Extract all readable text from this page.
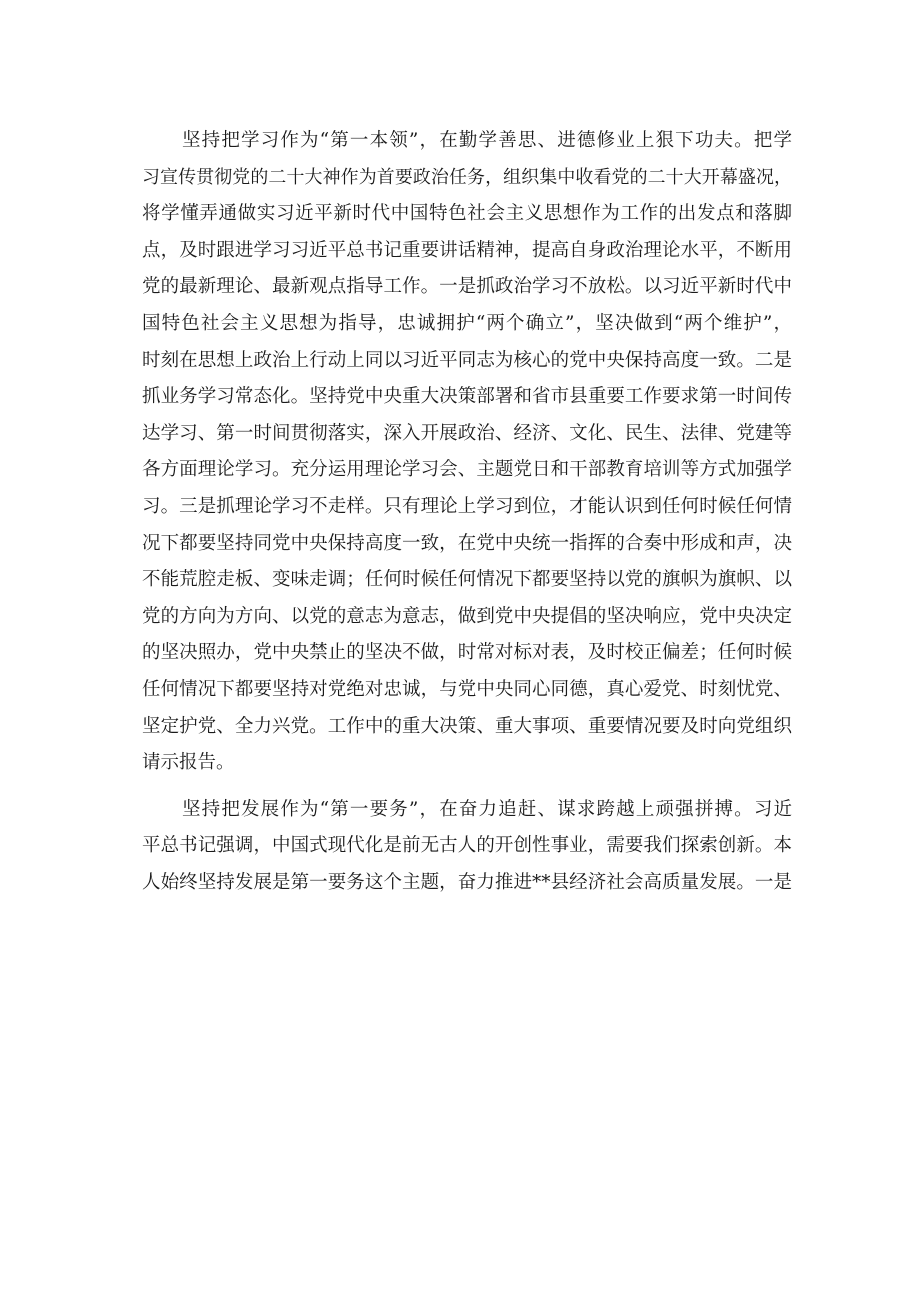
坚持把学习作为“第一本领”，在勤学善思、进德修业上狠下功夫。把学
习宣传贯彻党的二十大神作为首要政治任务，组织集中收看党的二十大开幕盛况，
将学懂弄通做实习近平新时代中国特色社会主义思想作为工作的出发点和落脚
点，及时跟进学习习近平总书记重要讲话精神，提高自身政治理论水平，不断用
党的最新理论、最新观点指导工作。一是抓政治学习不放松。以习近平新时代中
国特色社会主义思想为指导，忠诚拥护“两个确立”，坚决做到“两个维护”，
时刻在思想上政治上行动上同以习近平同志为核心的党中央保持高度一致。二是
抓业务学习常态化。坚持党中央重大决策部署和省市县重要工作要求第一时间传
达学习、第一时间贯彻落实，深入开展政治、经济、文化、民生、法律、党建等
各方面理论学习。充分运用理论学习会、主题党日和干部教育培训等方式加强学
习。三是抓理论学习不走样。只有理论上学习到位，才能认识到任何时候任何情
况下都要坚持同党中央保持高度一致，在党中央统一指挥的合奏中形成和声，决
不能荒腔走板、变味走调；任何时候任何情况下都要坚持以党的旗帜为旗帜、以
党的方向为方向、以党的意志为意志，做到党中央提倡的坚决响应，党中央决定
的坚决照办，党中央禁止的坚决不做，时常对标对表，及时校正偏差；任何时候
任何情况下都要坚持对党绝对忠诚，与党中央同心同德，真心爱党、时刻忧党、
坚定护党、全力兴党。工作中的重大决策、重大事项、重要情况要及时向党组织
请示报告。

坚持把发展作为“第一要务”，在奋力追赶、谋求跨越上顽强拼搏。习近
平总书记强调，中国式现代化是前无古人的开创性事业，需要我们探索创新。本
人始终坚持发展是第一要务这个主题，奋力推进**县经济社会高质量发展。一是
